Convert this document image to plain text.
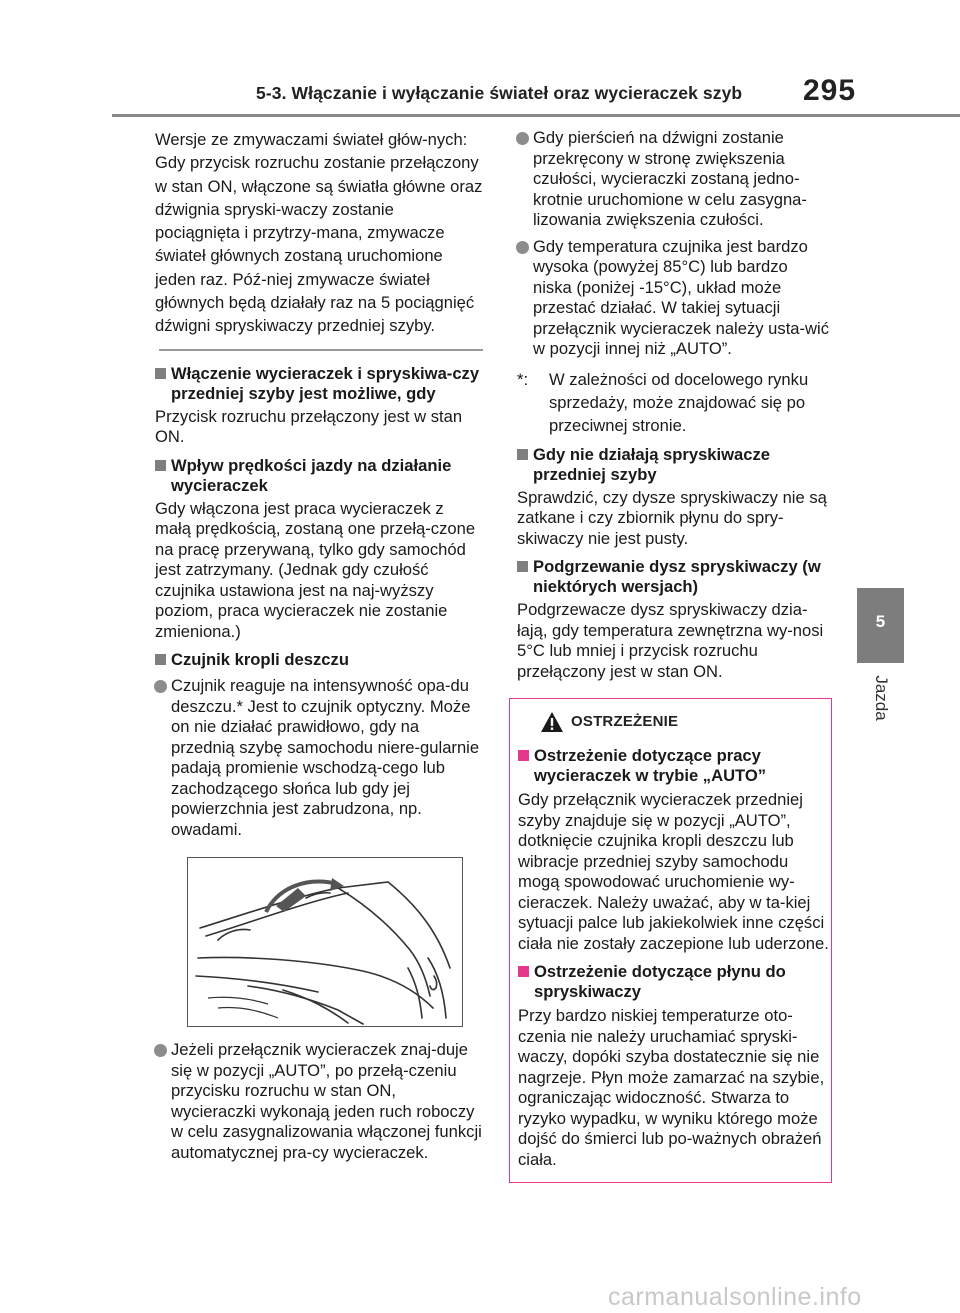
5-3. Włączanie i wyłączanie świateł oraz wycieraczek szyb 295
5
Jazda
Wersje ze zmywaczami świateł głów-nych: Gdy przycisk rozruchu zostanie przełączony w stan ON, włączone są światła główne oraz dźwignia spryski-waczy zostanie pociągnięta i przytrzy-mana, zmywacze świateł głównych zostaną uruchomione jeden raz. Póź-niej zmywacze świateł głównych będą działały raz na 5 pociągnięć dźwigni spryskiwaczy przedniej szyby.
Włączenie wycieraczek i spryskiwa-czy przedniej szyby jest możliwe, gdy
Przycisk rozruchu przełączony jest w stan ON.
Wpływ prędkości jazdy na działanie wycieraczek
Gdy włączona jest praca wycieraczek z małą prędkością, zostaną one przełą-czone na pracę przerywaną, tylko gdy samochód jest zatrzymany. (Jednak gdy czułość czujnika ustawiona jest na naj-wyższy poziom, praca wycieraczek nie zostanie zmieniona.)
Czujnik kropli deszczu
Czujnik reaguje na intensywność opa-du deszczu.* Jest to czujnik optyczny. Może on nie działać prawidłowo, gdy na przednią szybę samochodu niere-gularnie padają promienie wschodzą-cego lub zachodzącego słońca lub gdy jej powierzchnia jest zabrudzona, np. owadami.
Jeżeli przełącznik wycieraczek znaj-duje się w pozycji „AUTO”, po przełą-czeniu przycisku rozruchu w stan ON, wycieraczki wykonają jeden ruch roboczy w celu zasygnalizowania włączonej funkcji automatycznej pra-cy wycieraczek.
Gdy pierścień na dźwigni zostanie przekręcony w stronę zwiększenia czułości, wycieraczki zostaną jedno-krotnie uruchomione w celu zasygna-lizowania zwiększenia czułości.
Gdy temperatura czujnika jest bardzo wysoka (powyżej 85°C) lub bardzo niska (poniżej -15°C), układ może przestać działać. W takiej sytuacji przełącznik wycieraczek należy usta-wić w pozycji innej niż „AUTO”.
*: W zależności od docelowego rynku sprzedaży, może znajdować się po przeciwnej stronie.
Gdy nie działają spryskiwacze przedniej szyby
Sprawdzić, czy dysze spryskiwaczy nie są zatkane i czy zbiornik płynu do spry-skiwaczy nie jest pusty.
Podgrzewanie dysz spryskiwaczy (w niektórych wersjach)
Podgrzewacze dysz spryskiwaczy dzia-łają, gdy temperatura zewnętrzna wy-nosi 5°C lub mniej i przycisk rozruchu przełączony jest w stan ON.
OSTRZEŻENIE
Ostrzeżenie dotyczące pracy wycieraczek w trybie „AUTO”
Gdy przełącznik wycieraczek przedniej szyby znajduje się w pozycji „AUTO”, dotknięcie czujnika kropli deszczu lub wibracje przedniej szyby samochodu mogą spowodować uruchomienie wy-cieraczek. Należy uważać, aby w ta-kiej sytuacji palce lub jakiekolwiek inne części ciała nie zostały zaczepione lub uderzone.
Ostrzeżenie dotyczące płynu do spryskiwaczy
Przy bardzo niskiej temperaturze oto-czenia nie należy uruchamiać spryski-waczy, dopóki szyba dostatecznie się nie nagrzeje. Płyn może zamarzać na szybie, ograniczając widoczność. Stwarza to ryzyko wypadku, w wyniku którego może dojść do śmierci lub po-ważnych obrażeń ciała.
carmanualsonline.info
